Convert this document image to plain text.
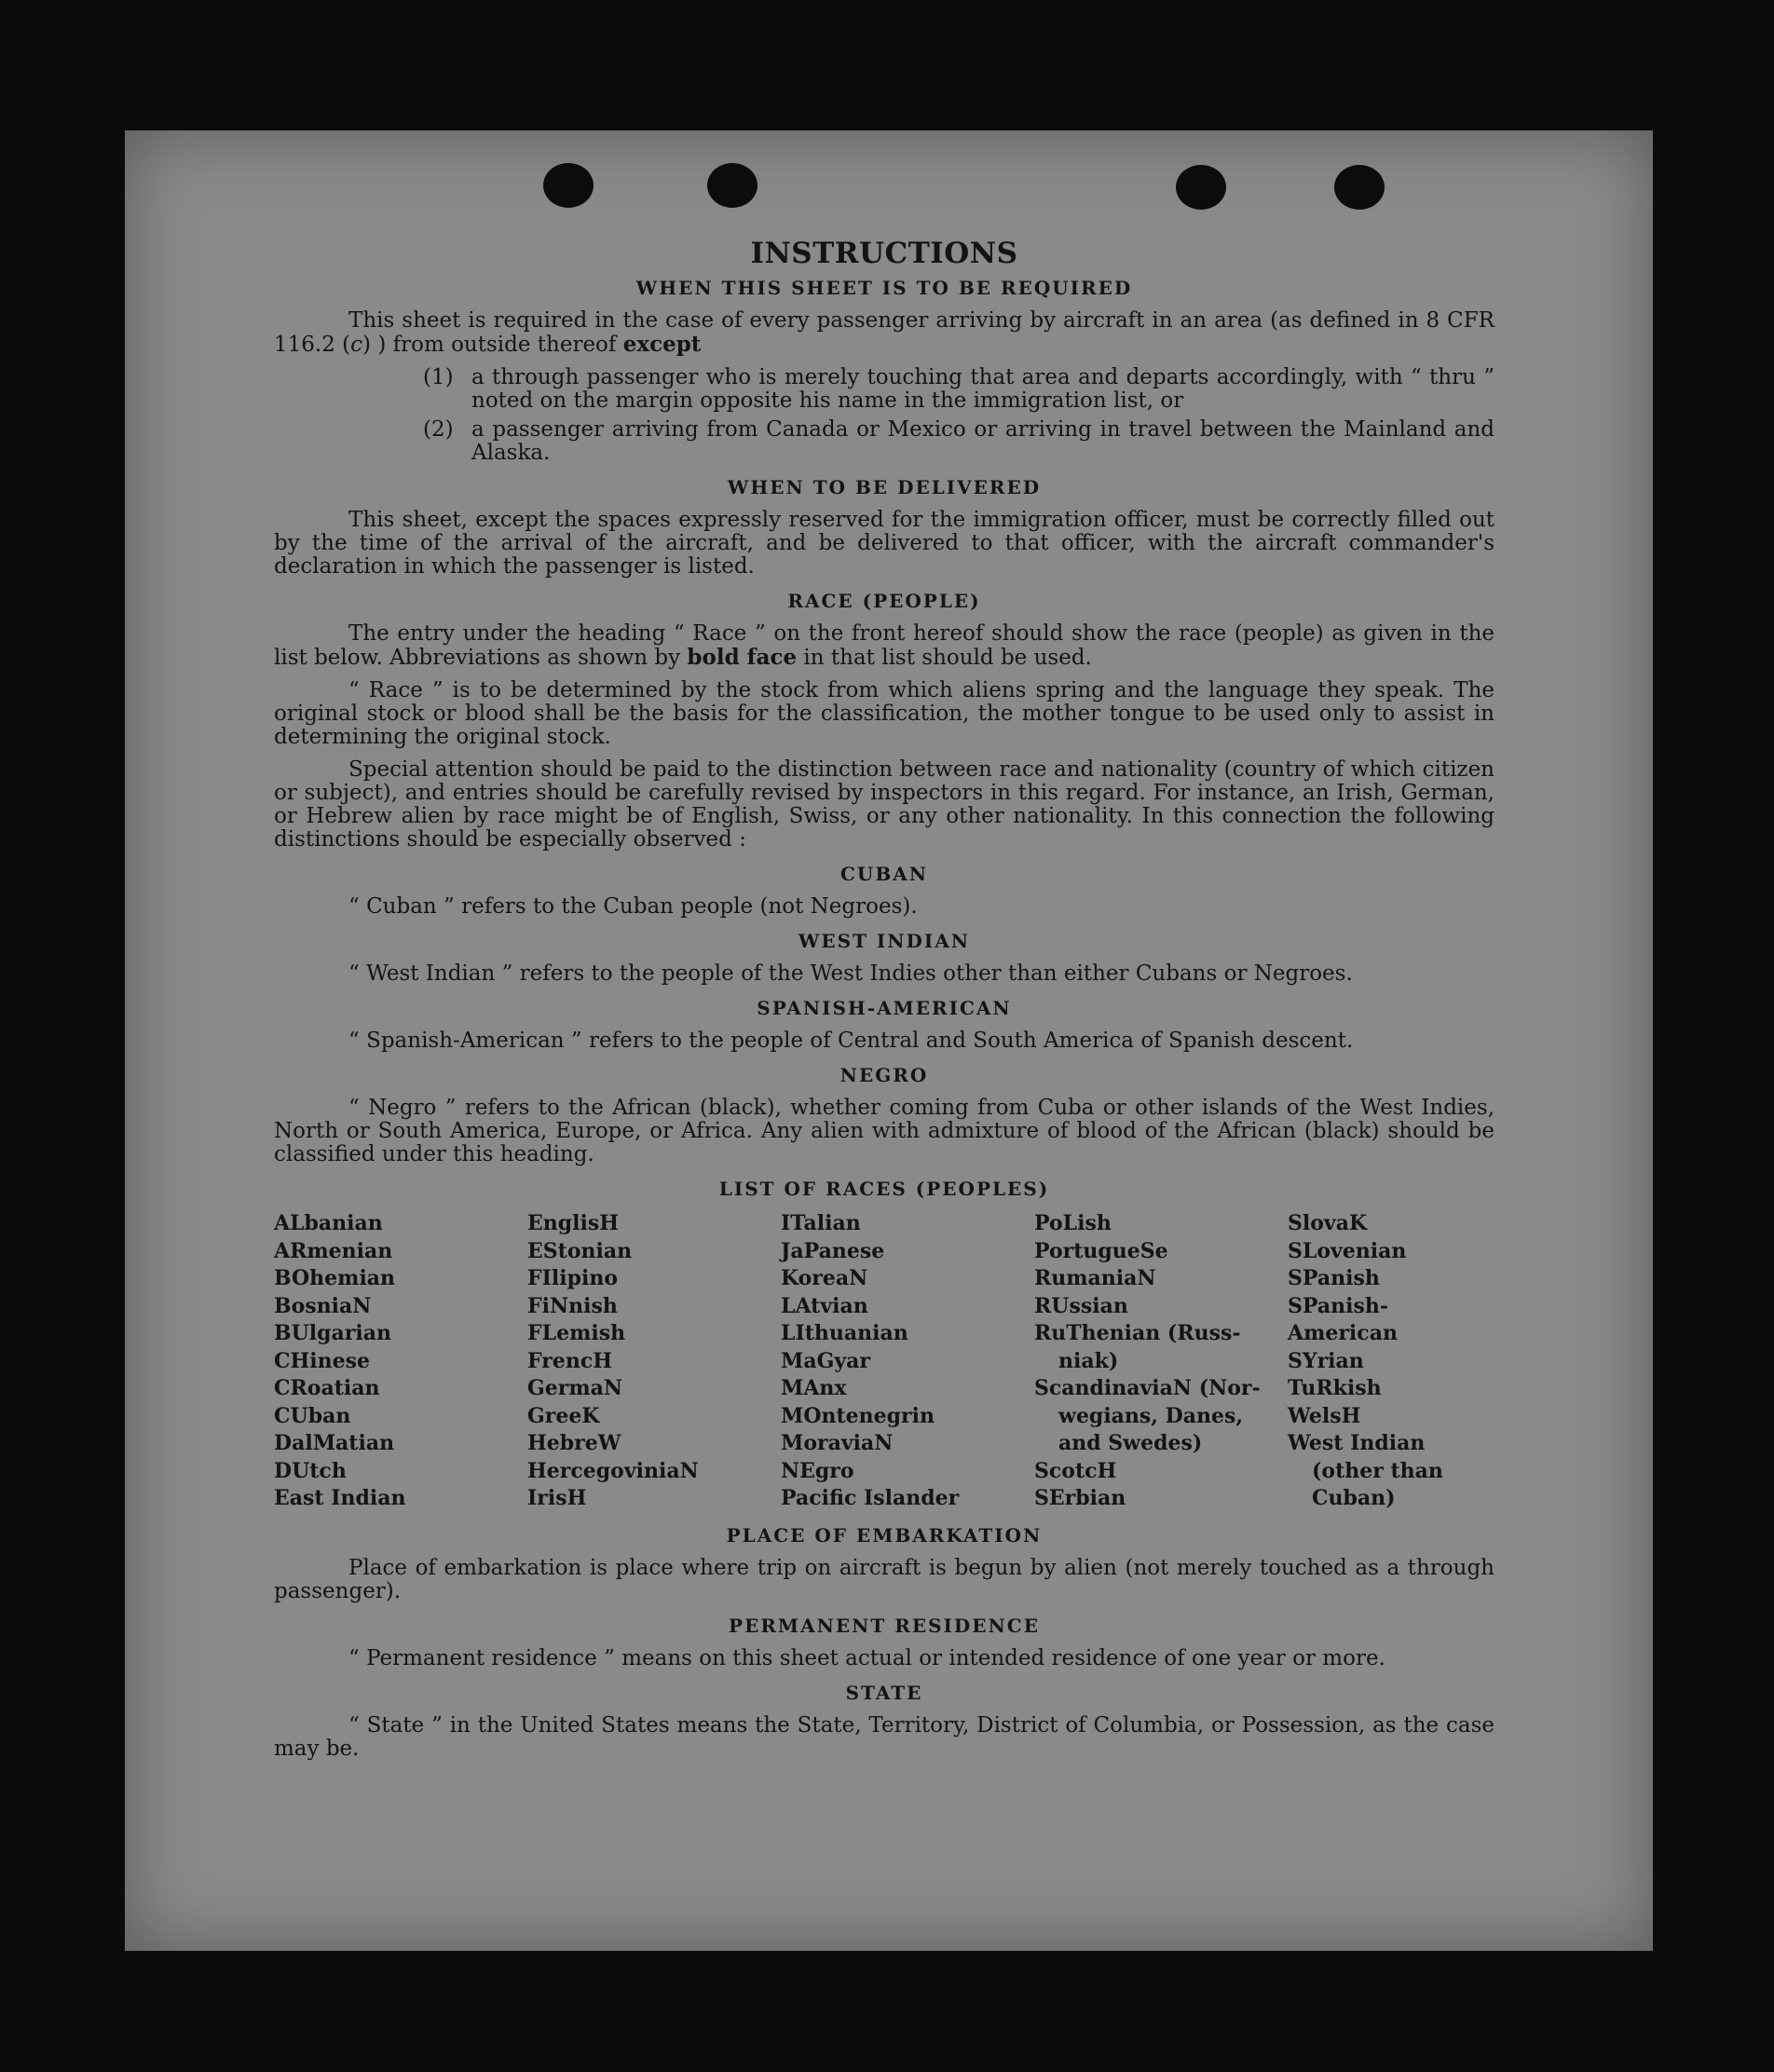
INSTRUCTIONS
WHEN THIS SHEET IS TO BE REQUIRED

This sheet is required in the case of every passenger arriving by aircraft in an area (as defined in 8 CFR 116.2 (c) ) from outside thereof except

(1) a through passenger who is merely touching that area and departs accordingly, with “ thru ” noted on the margin opposite his name in the immigration list, or
(2) a passenger arriving from Canada or Mexico or arriving in travel between the Mainland and Alaska.
WHEN TO BE DELIVERED

This sheet, except the spaces expressly reserved for the immigration officer, must be correctly filled out by the time of the arrival of the aircraft, and be delivered to that officer, with the aircraft commander's declaration in which the passenger is listed.

RACE (PEOPLE)

The entry under the heading “ Race ” on the front hereof should show the race (people) as given in the list below. Abbreviations as shown by bold face in that list should be used.

“ Race ” is to be determined by the stock from which aliens spring and the language they speak. The original stock or blood shall be the basis for the classification, the mother tongue to be used only to assist in determining the original stock.

Special attention should be paid to the distinction between race and nationality (country of which citizen or subject), and entries should be carefully revised by inspectors in this regard. For instance, an Irish, German, or Hebrew alien by race might be of English, Swiss, or any other nationality. In this connection the following distinctions should be especially observed :

CUBAN

“ Cuban ” refers to the Cuban people (not Negroes).

WEST INDIAN

“ West Indian ” refers to the people of the West Indies other than either Cubans or Negroes.

SPANISH-AMERICAN

“ Spanish-American ” refers to the people of Central and South America of Spanish descent.

NEGRO

“ Negro ” refers to the African (black), whether coming from Cuba or other islands of the West Indies, North or South America, Europe, or Africa. Any alien with admixture of blood of the African (black) should be classified under this heading.

LIST OF RACES (PEOPLES)
ALbanian
ARmenian
BOhemian
BosniaN
BUlgarian
CHinese
CRoatian
CUban
DalMatian
DUtch
East Indian
EnglisH
EStonian
FIlipino
FiNnish
FLemish
FrencH
GermaN
GreeK
HebreW
HercegoviniaN
IrisH
ITalian
JaPanese
KoreaN
LAtvian
LIthuanian
MaGyar
MAnx
MOntenegrin
MoraviaN
NEgro
Pacific Islander
PoLish
PortugueSe
RumaniaN
RUssian
RuThenian (Russ-niak)
ScandinaviaN (Nor-wegians, Danes, and Swedes)
ScotcH
SErbian
SlovaK
SLovenian
SPanish
SPanish-American
SYrian
TuRkish
WelsH
West Indian (other than Cuban)
PLACE OF EMBARKATION

Place of embarkation is place where trip on aircraft is begun by alien (not merely touched as a through passenger).

PERMANENT RESIDENCE

“ Permanent residence ” means on this sheet actual or intended residence of one year or more.

STATE

“ State ” in the United States means the State, Territory, District of Columbia, or Possession, as the case may be.
